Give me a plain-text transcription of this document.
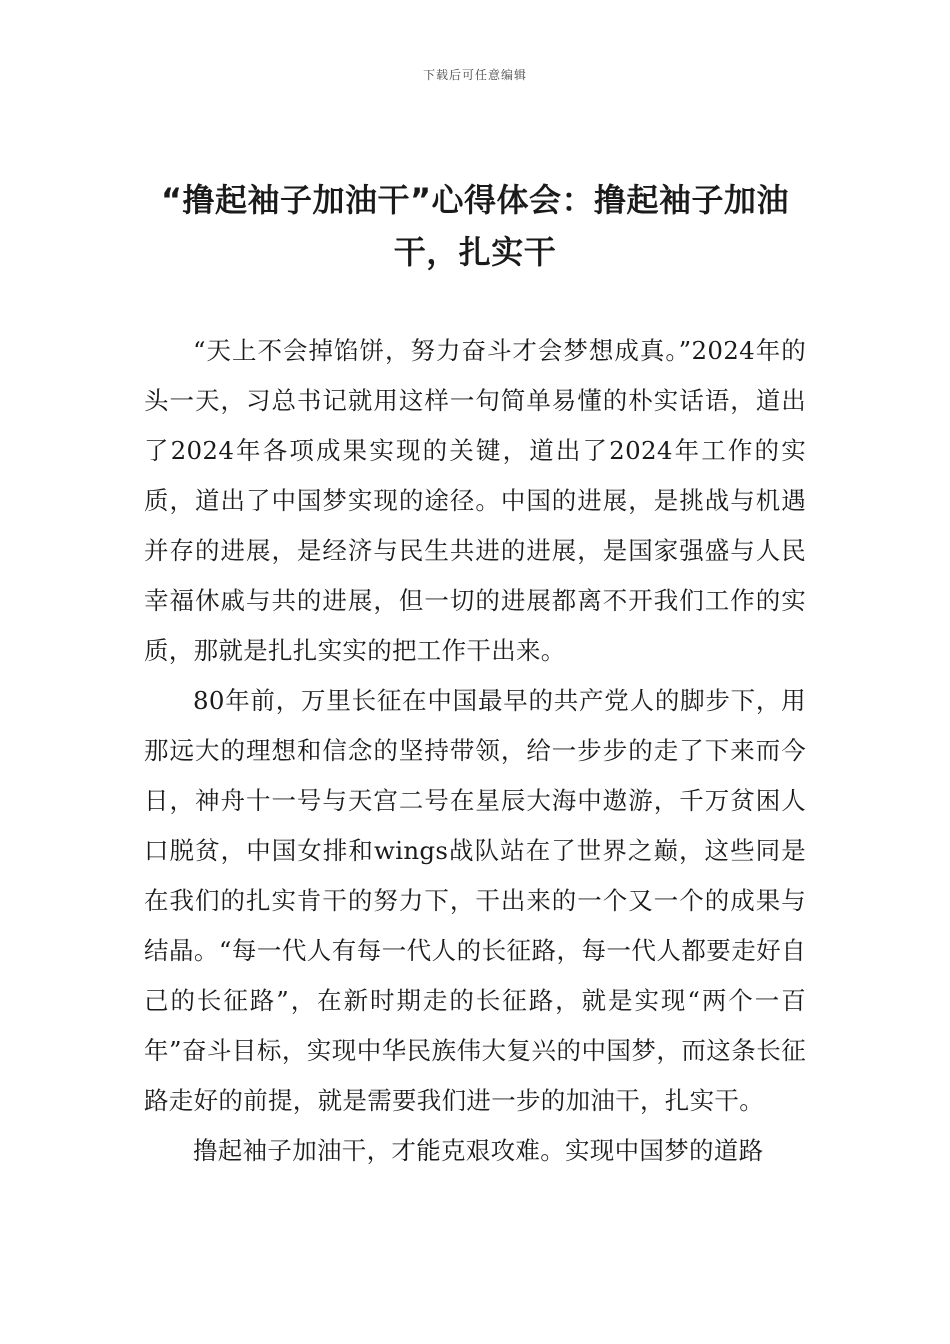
下载后可任意编辑
“撸起袖子加油干”心得体会：撸起袖子加油干，扎实干

“天上不会掉馅饼，努力奋斗才会梦想成真。”2024年的头一天，习总书记就用这样一句简单易懂的朴实话语，道出了2024年各项成果实现的关键，道出了2024年工作的实质，道出了中国梦实现的途径。中国的进展，是挑战与机遇并存的进展，是经济与民生共进的进展，是国家强盛与人民幸福休戚与共的进展，但一切的进展都离不开我们工作的实质，那就是扎扎实实的把工作干出来。

80年前，万里长征在中国最早的共产党人的脚步下，用那远大的理想和信念的坚持带领，给一步步的走了下来而今日，神舟十一号与天宫二号在星辰大海中遨游，千万贫困人口脱贫，中国女排和wings战队站在了世界之巅，这些同是在我们的扎实肯干的努力下，干出来的一个又一个的成果与结晶。“每一代人有每一代人的长征路，每一代人都要走好自己的长征路”，在新时期走的长征路，就是实现“两个一百年”奋斗目标，实现中华民族伟大复兴的中国梦，而这条长征路走好的前提，就是需要我们进一步的加油干，扎实干。

撸起袖子加油干，才能克艰攻难。实现中国梦的道路
